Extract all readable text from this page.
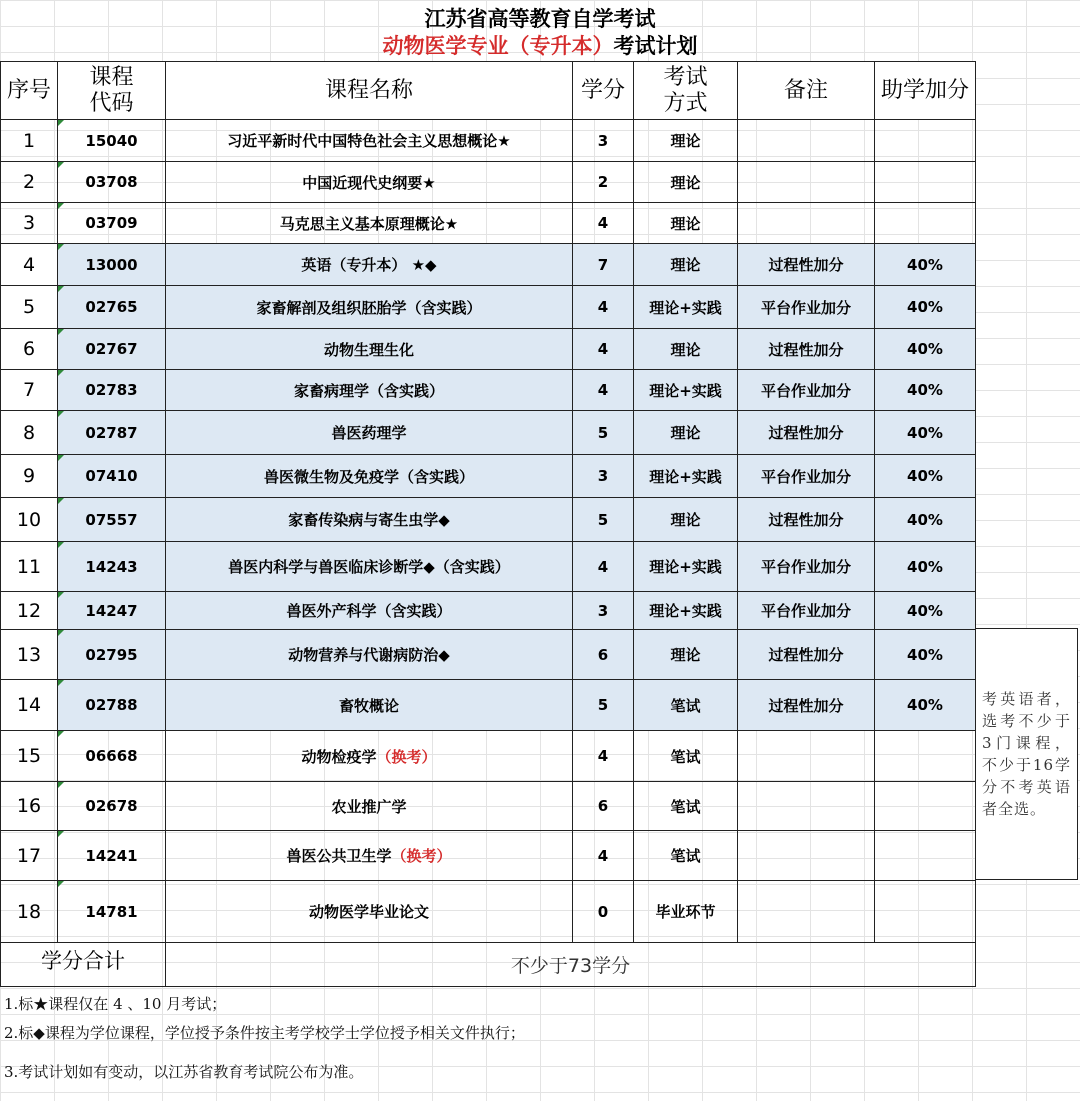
江苏省高等教育自学考试
动物医学专业（专升本）考试计划
序号	课程代码	课程名称	学分	考试方式	备注	助学加分
1	15040	习近平新时代中国特色社会主义思想概论★	3	理论		
2	03708	中国近现代史纲要★	2	理论		
3	03709	马克思主义基本原理概论★	4	理论		
4	13000	英语（专升本） ★◆	7	理论	过程性加分	40%
5	02765	家畜解剖及组织胚胎学（含实践）	4	理论+实践	平台作业加分	40%
6	02767	动物生理生化	4	理论	过程性加分	40%
7	02783	家畜病理学（含实践）	4	理论+实践	平台作业加分	40%
8	02787	兽医药理学	5	理论	过程性加分	40%
9	07410	兽医微生物及免疫学（含实践）	3	理论+实践	平台作业加分	40%
10	07557	家畜传染病与寄生虫学◆	5	理论	过程性加分	40%
11	14243	兽医内科学与兽医临床诊断学◆（含实践）	4	理论+实践	平台作业加分	40%
12	14247	兽医外产科学（含实践）	3	理论+实践	平台作业加分	40%
13	02795	动物营养与代谢病防治◆	6	理论	过程性加分	40%
14	02788	畜牧概论	5	笔试	过程性加分	40%
15	06668	动物检疫学（换考）	4	笔试		
16	02678	农业推广学	6	笔试		
17	14241	兽医公共卫生学（换考）	4	笔试		
18	14781	动物医学毕业论文	0	毕业环节		
学分合计		不少于73学分				
考英语者，选考不少于3门课程，不少于16学分不考英语者全选。
1.标★课程仅在 4 、10 月考试；
2.标◆课程为学位课程，学位授予条件按主考学校学士学位授予相关文件执行；
3.考试计划如有变动，以江苏省教育考试院公布为准。
